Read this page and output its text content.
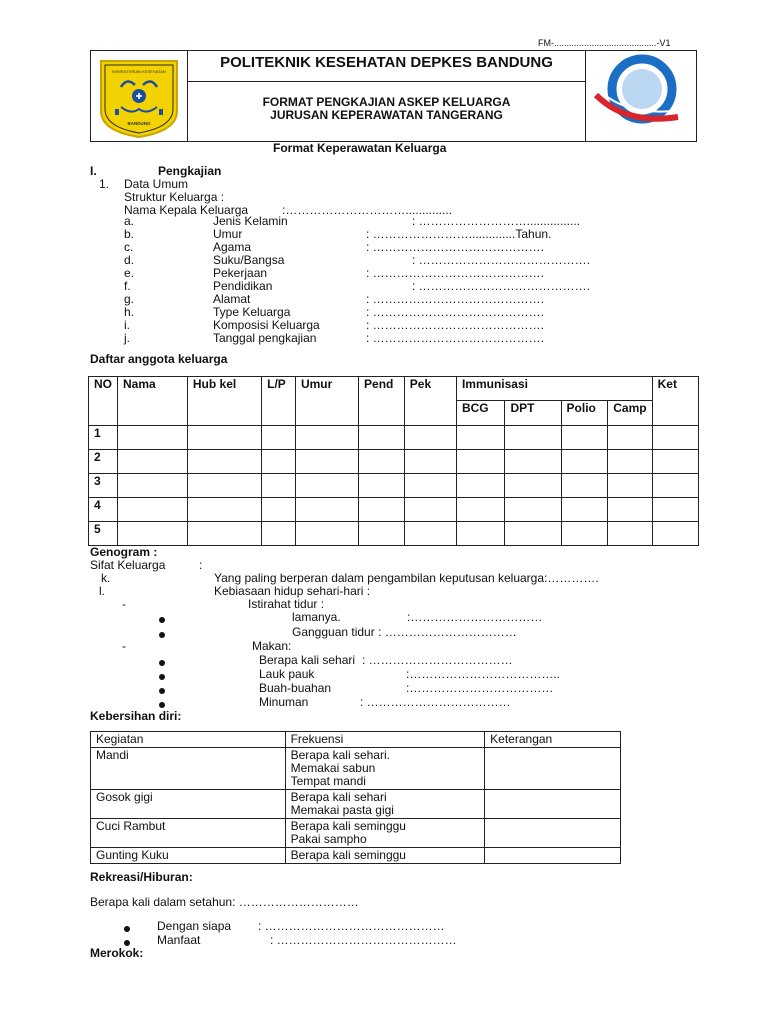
FM-.........................................-V1
KEMENTERIAN KESEHATAN
BANDUNG
POLITEKNIK KESEHATAN DEPKES BANDUNG
FORMAT PENGKAJIAN ASKEP KELUARGA
JURUSAN KEPERAWATAN TANGERANG
Format Keperawatan Keluarga
I.	Pengkajian
1. Data Umum
Struktur Keluarga :
Nama Kepala Keluarga	:…………………………..............
a.	Jenis Kelamin	: ………………………................
b.	Umur	: ……………………..............Tahun.
c.	Agama	: …………………………………….
d.	Suku/Bangsa	: …………………………………….
e.	Pekerjaan	: …………………………………….
f.	Pendidikan	: …………………………………….
g.	Alamat	: …………………………………….
h.	Type Keluarga	: …………………………………….
i.	Komposisi Keluarga	: …………………………………….
j.	Tanggal pengkajian	: …………………………………….
Daftar anggota keluarga
NO	Nama	Hub kel	L/P	Umur	Pend	Pek	Immunisasi				Ket
							BCG	DPT	Polio	Camp	
1											
2											
3											
4											
5											
Genogram :
Sifat Keluarga	:
k.	Yang paling berperan dalam pengambilan keputusan keluarga:………….
l.	Kebiasaan hidup sehari-hari :
-	Istirahat tidur :
lamanya.	:……………………………
Gangguan tidur : ……………………………
-	Makan:
Berapa kali sehari : ………………………………
Lauk pauk	:………………………………..
Buah-buahan	:………………………………
Minuman	: ………………………………
Kebersihan diri:
Kegiatan	Frekuensi	Keterangan
Mandi	Berapa kali sehari.
Memakai sabun
Tempat mandi	

Gosok gigi	Berapa kali sehari
Memakai pasta gigi	

Cuci Rambut	Berapa kali seminggu
Pakai sampho	

Gunting Kuku	Berapa kali seminggu	

Rekreasi/Hiburan:
Berapa kali dalam setahun: …………………………
Dengan siapa : ………………………………………
Manfaat	: ………………………………………
Merokok:
